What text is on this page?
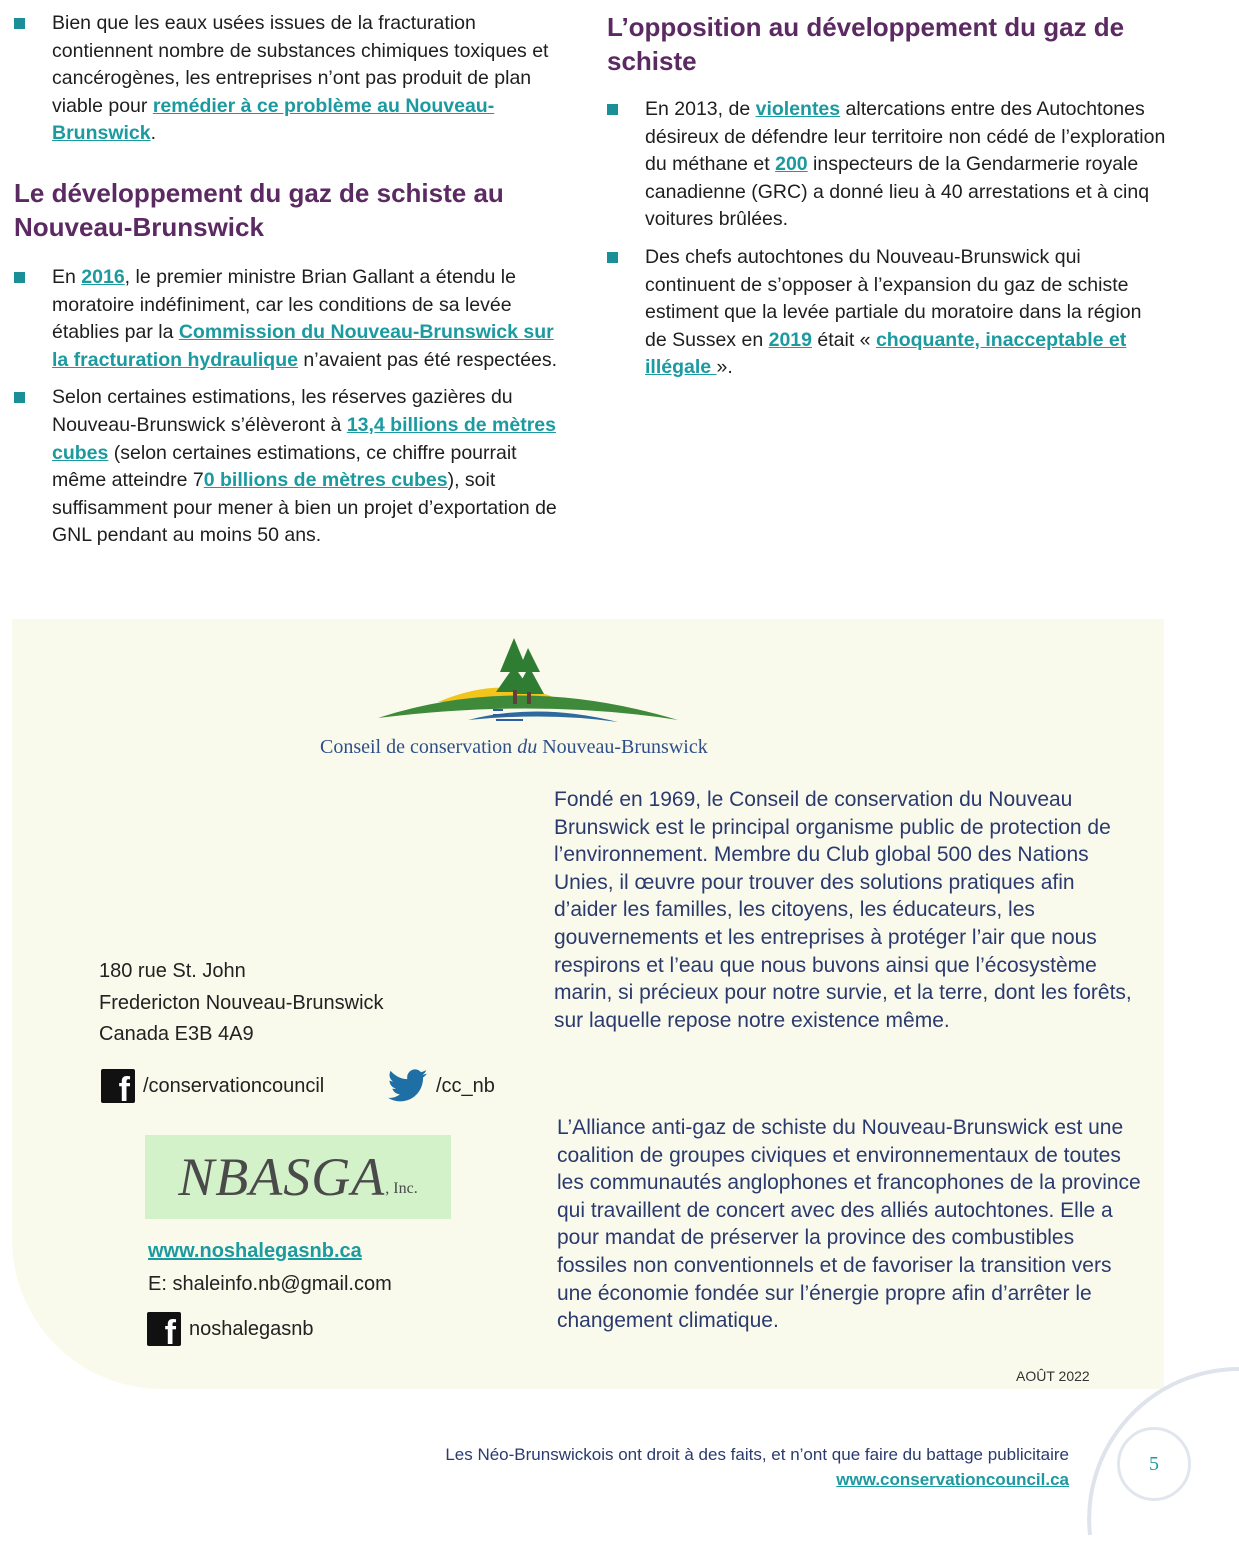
Bien que les eaux usées issues de la fracturation contiennent nombre de substances chimiques toxiques et cancérogènes, les entreprises n’ont pas produit de plan viable pour remédier à ce problème au Nouveau-Brunswick.
Le développement du gaz de schiste au Nouveau-Brunswick
En 2016, le premier ministre Brian Gallant a étendu le moratoire indéfiniment, car les conditions de sa levée établies par la Commission du Nouveau-Brunswick sur la fracturation hydraulique n’avaient pas été respectées.
Selon certaines estimations, les réserves gazières du Nouveau-Brunswick s’élèveront à 13,4 billions de mètres cubes (selon certaines estimations, ce chiffre pourrait même atteindre 70 billions de mètres cubes), soit suffisamment pour mener à bien un projet d’exportation de GNL pendant au moins 50 ans.
L’opposition au développement du gaz de schiste
En 2013, de violentes altercations entre des Autochtones désireux de défendre leur territoire non cédé de l’exploration du méthane et 200 inspecteurs de la Gendarmerie royale canadienne (GRC) a donné lieu à 40 arrestations et à cinq voitures brûlées.
Des chefs autochtones du Nouveau-Brunswick qui continuent de s’opposer à l’expansion du gaz de schiste estiment que la levée partiale du moratoire dans la région de Sussex en 2019 était « choquante, inacceptable et illégale ».
Conseil de conservation du Nouveau-Brunswick
Fondé en 1969, le Conseil de conservation du Nouveau Brunswick est le principal organisme public de protection de l’environnement. Membre du Club global 500 des Nations Unies, il œuvre pour trouver des solutions pratiques afin d’aider les familles, les citoyens, les éducateurs, les gouvernements et les entreprises à protéger l’air que nous respirons et l’eau que nous buvons ainsi que l’écosystème marin, si précieux pour notre survie, et la terre, dont les forêts, sur laquelle repose notre existence même.
180 rue St. John
Fredericton Nouveau-Brunswick
Canada E3B 4A9
f /conservationcouncil	/cc_nb
NBASGA , Inc.
www.noshalegasnb.ca
E: shaleinfo.nb@gmail.com
f noshalegasnb
L’Alliance anti-gaz de schiste du Nouveau-Brunswick est une coalition de groupes civiques et environnementaux de toutes les communautés anglophones et francophones de la province qui travaillent de concert avec des alliés autochtones. Elle a pour mandat de préserver la province des combustibles fossiles non conventionnels et de favoriser la transition vers une économie fondée sur l’énergie propre afin d’arrêter le changement climatique.
AOÛT 2022
5
Les Néo-Brunswickois ont droit à des faits, et n’ont que faire du battage publicitaire
www.conservationcouncil.ca
